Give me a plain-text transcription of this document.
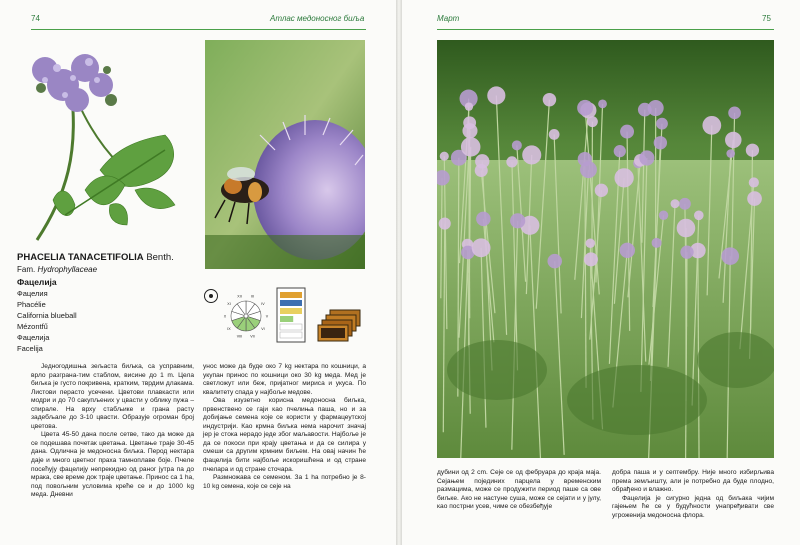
74	Атлас медоносног биља
PHACELIA TANACETIFOLIA Benth.
Fam. Hydrophyllaceae
Фацелија
Фацелия
Phacélie
California blueball
Mézontfű
Фацелија
Facelija
III
IV
V
VI
VII
VIII
IX
X
XI
XII

Једногодишња зељаста биљка, са усправним, врло разграна-тим стаблом, висине до 1 m. Цела биљка је густо покривена, кратким, тврдим длакама. Листови перасто усечени. Цветови плавкасти или модри и до 70 сакупљених у цвасти у облику пужа – спирале. На врху стабљике и грана расту задебљале до 3-10 цвасти. Образује огроман број цветова.

Цвета 45-50 дана после сетве, тако да може да се подешава почетак цветања. Цветање траје 30-45 дана. Одлична је медоносна биљка. Перод нектара даје и много цветног праха тамноплаве боје. Пчеле посећују фацелију непрекидно од раног јутра па до мрака, све време док траје цветање. Принос са 1 ha, под повољним условима креће се и до 1000 kg меда. Дневни

унос може да буде око 7 kg нектара по кошници, а укупан принос по кошници око 30 kg меда. Мед је светложут или беж, пријатног мириса и укуса. По квалитету спада у најбоље медове.

Ова изузетно корисна медоносна биљка, првенствено се гаји као пчелиња паша, но и за добијање семена које се користи у фармацеутској индустрији. Као крмна биљка нема нарочит значај јер је стока нерадо једе због маљавости. Најбоље је да се покоси при крају цветања и да се силира у смеши са другим крмним биљем. На овај начин ће фацелија бити најбоље искоришћена и од стране пчелара и од стране сточара.

Размножава се семеном. За 1 ha потребно је 8-10 kg семена, које се сеје на

Март	75

дубини од 2 cm. Сеје се од фебруара до краја маја. Сејањем појединих парцела у временским размацима, може се продужити период паше са ове биљке. Ако не настуне суша, може се сејати и у јулу, као пострни усев, чиме се обезбеђује

добра паша и у септембру. Није много избирљива према земљишту, али је потребно да буде плодно, обрађено и влажно.

Фацелија је сигурно једна од биљака чијим гајењем ће се у будућности унапређивати све угроженија медоносна флора.
